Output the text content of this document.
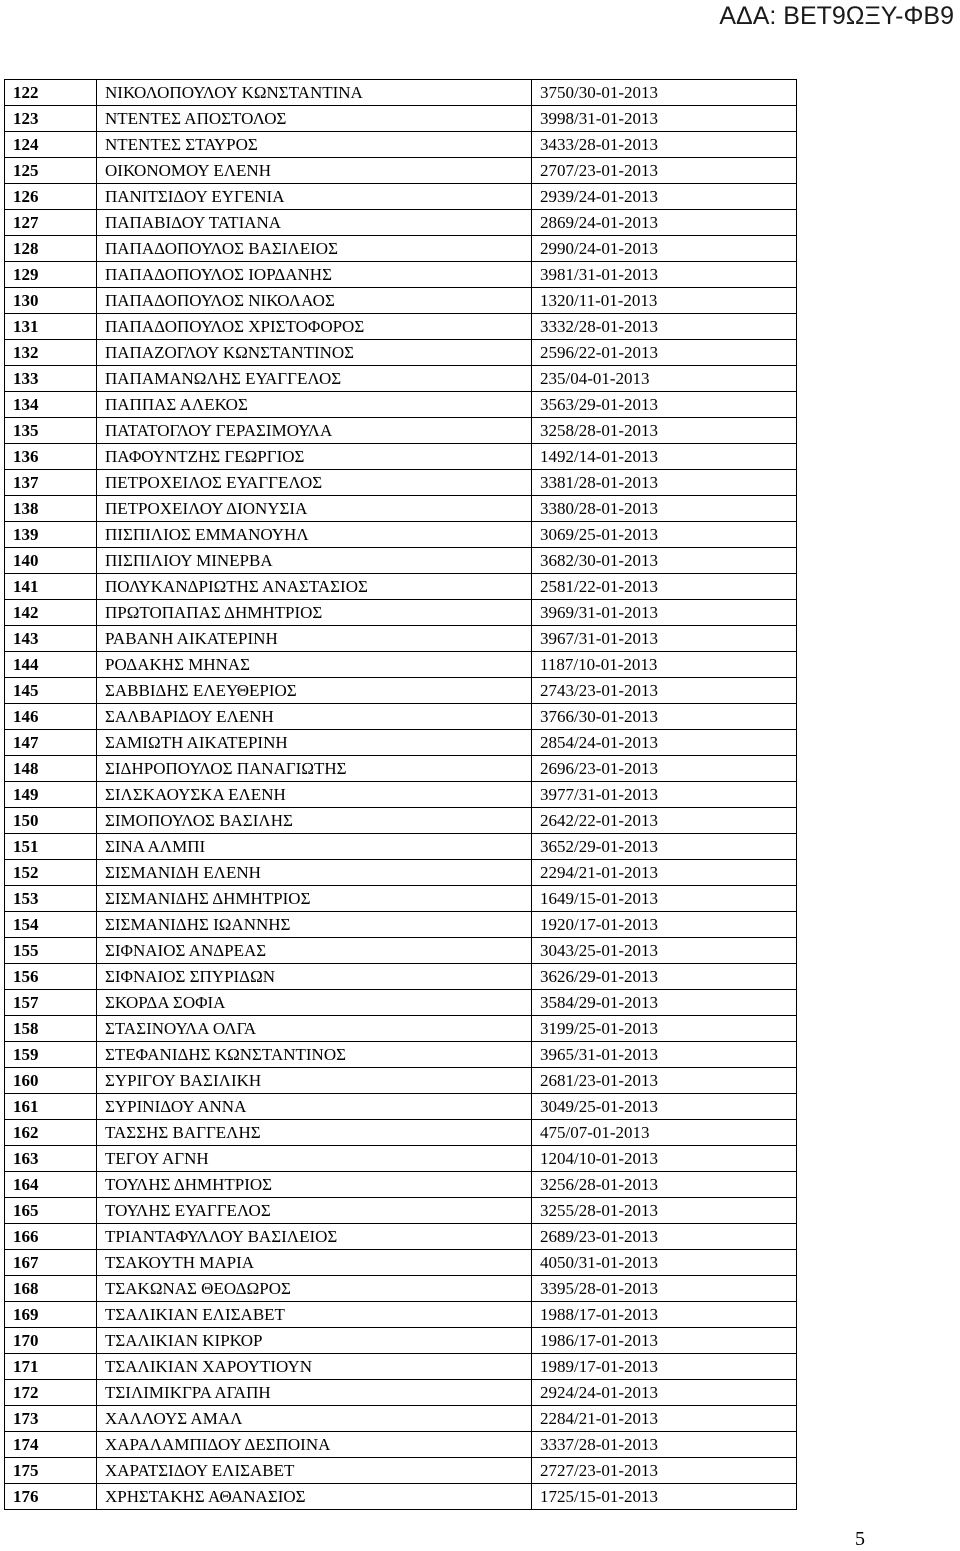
ΑΔΑ: ΒΕΤ9ΩΞΥ-ΦΒ9
122	ΝΙΚΟΛΟΠΟΥΛΟΥ ΚΩΝΣΤΑΝΤΙΝΑ	3750/30-01-2013
123	ΝΤΕΝΤΕΣ ΑΠΟΣΤΟΛΟΣ	3998/31-01-2013
124	ΝΤΕΝΤΕΣ ΣΤΑΥΡΟΣ	3433/28-01-2013
125	ΟΙΚΟΝΟΜΟΥ ΕΛΕΝΗ	2707/23-01-2013
126	ΠΑΝΙΤΣΙΔΟΥ ΕΥΓΕΝΙΑ	2939/24-01-2013
127	ΠΑΠΑΒΙΔΟΥ ΤΑΤΙΑΝΑ	2869/24-01-2013
128	ΠΑΠΑΔΟΠΟΥΛΟΣ ΒΑΣΙΛΕΙΟΣ	2990/24-01-2013
129	ΠΑΠΑΔΟΠΟΥΛΟΣ ΙΟΡΔΑΝΗΣ	3981/31-01-2013
130	ΠΑΠΑΔΟΠΟΥΛΟΣ ΝΙΚΟΛΑΟΣ	1320/11-01-2013
131	ΠΑΠΑΔΟΠΟΥΛΟΣ ΧΡΙΣΤΟΦΟΡΟΣ	3332/28-01-2013
132	ΠΑΠΑΖΟΓΛΟΥ ΚΩΝΣΤΑΝΤΙΝΟΣ	2596/22-01-2013
133	ΠΑΠΑΜΑΝΩΛΗΣ ΕΥΑΓΓΕΛΟΣ	235/04-01-2013
134	ΠΑΠΠΑΣ ΑΛΕΚΟΣ	3563/29-01-2013
135	ΠΑΤΑΤΟΓΛΟΥ ΓΕΡΑΣΙΜΟΥΛΑ	3258/28-01-2013
136	ΠΑΦΟΥΝΤΖΗΣ ΓΕΩΡΓΙΟΣ	1492/14-01-2013
137	ΠΕΤΡΟΧΕΙΛΟΣ ΕΥΑΓΓΕΛΟΣ	3381/28-01-2013
138	ΠΕΤΡΟΧΕΙΛΟΥ ΔΙΟΝΥΣΙΑ	3380/28-01-2013
139	ΠΙΣΠΙΛΙΟΣ ΕΜΜΑΝΟΥΗΛ	3069/25-01-2013
140	ΠΙΣΠΙΛΙΟΥ ΜΙΝΕΡΒΑ	3682/30-01-2013
141	ΠΟΛΥΚΑΝΔΡΙΩΤΗΣ ΑΝΑΣΤΑΣΙΟΣ	2581/22-01-2013
142	ΠΡΩΤΟΠΑΠΑΣ ΔΗΜΗΤΡΙΟΣ	3969/31-01-2013
143	ΡΑΒΑΝΗ ΑΙΚΑΤΕΡΙΝΗ	3967/31-01-2013
144	ΡΟΔΑΚΗΣ ΜΗΝΑΣ	1187/10-01-2013
145	ΣΑΒΒΙΔΗΣ ΕΛΕΥΘΕΡΙΟΣ	2743/23-01-2013
146	ΣΑΛΒΑΡΙΔΟΥ ΕΛΕΝΗ	3766/30-01-2013
147	ΣΑΜΙΩΤΗ ΑΙΚΑΤΕΡΙΝΗ	2854/24-01-2013
148	ΣΙΔΗΡΟΠΟΥΛΟΣ ΠΑΝΑΓΙΩΤΗΣ	2696/23-01-2013
149	ΣΙΛΣΚΑΟΥΣΚΑ ΕΛΕΝΗ	3977/31-01-2013
150	ΣΙΜΟΠΟΥΛΟΣ ΒΑΣΙΛΗΣ	2642/22-01-2013
151	ΣΙΝΑ ΑΛΜΠΙ	3652/29-01-2013
152	ΣΙΣΜΑΝΙΔΗ ΕΛΕΝΗ	2294/21-01-2013
153	ΣΙΣΜΑΝΙΔΗΣ ΔΗΜΗΤΡΙΟΣ	1649/15-01-2013
154	ΣΙΣΜΑΝΙΔΗΣ ΙΩΑΝΝΗΣ	1920/17-01-2013
155	ΣΙΦΝΑΙΟΣ ΑΝΔΡΕΑΣ	3043/25-01-2013
156	ΣΙΦΝΑΙΟΣ ΣΠΥΡΙΔΩΝ	3626/29-01-2013
157	ΣΚΟΡΔΑ ΣΟΦΙΑ	3584/29-01-2013
158	ΣΤΑΣΙΝΟΥΛΑ ΟΛΓΑ	3199/25-01-2013
159	ΣΤΕΦΑΝΙΔΗΣ ΚΩΝΣΤΑΝΤΙΝΟΣ	3965/31-01-2013
160	ΣΥΡΙΓΟΥ ΒΑΣΙΛΙΚΗ	2681/23-01-2013
161	ΣΥΡΙΝΙΔΟΥ ΑΝΝΑ	3049/25-01-2013
162	ΤΑΣΣΗΣ ΒΑΓΓΕΛΗΣ	475/07-01-2013
163	ΤΕΓΟΥ ΑΓΝΗ	1204/10-01-2013
164	ΤΟΥΛΗΣ ΔΗΜΗΤΡΙΟΣ	3256/28-01-2013
165	ΤΟΥΛΗΣ ΕΥΑΓΓΕΛΟΣ	3255/28-01-2013
166	ΤΡΙΑΝΤΑΦΥΛΛΟΥ ΒΑΣΙΛΕΙΟΣ	2689/23-01-2013
167	ΤΣΑΚΟΥΤΗ ΜΑΡΙΑ	4050/31-01-2013
168	ΤΣΑΚΩΝΑΣ ΘΕΟΔΩΡΟΣ	3395/28-01-2013
169	ΤΣΑΛΙΚΙΑΝ ΕΛΙΣΑΒΕΤ	1988/17-01-2013
170	ΤΣΑΛΙΚΙΑΝ ΚΙΡΚΟΡ	1986/17-01-2013
171	ΤΣΑΛΙΚΙΑΝ ΧΑΡΟΥΤΙΟΥΝ	1989/17-01-2013
172	ΤΣΙΛΙΜΙΚΓΡΑ ΑΓΑΠΗ	2924/24-01-2013
173	ΧΑΛΛΟΥΣ ΑΜΑΛ	2284/21-01-2013
174	ΧΑΡΑΛΑΜΠΙΔΟΥ ΔΕΣΠΟΙΝΑ	3337/28-01-2013
175	ΧΑΡΑΤΣΙΔΟΥ ΕΛΙΣΑΒΕΤ	2727/23-01-2013
176	ΧΡΗΣΤΑΚΗΣ ΑΘΑΝΑΣΙΟΣ	1725/15-01-2013
5
